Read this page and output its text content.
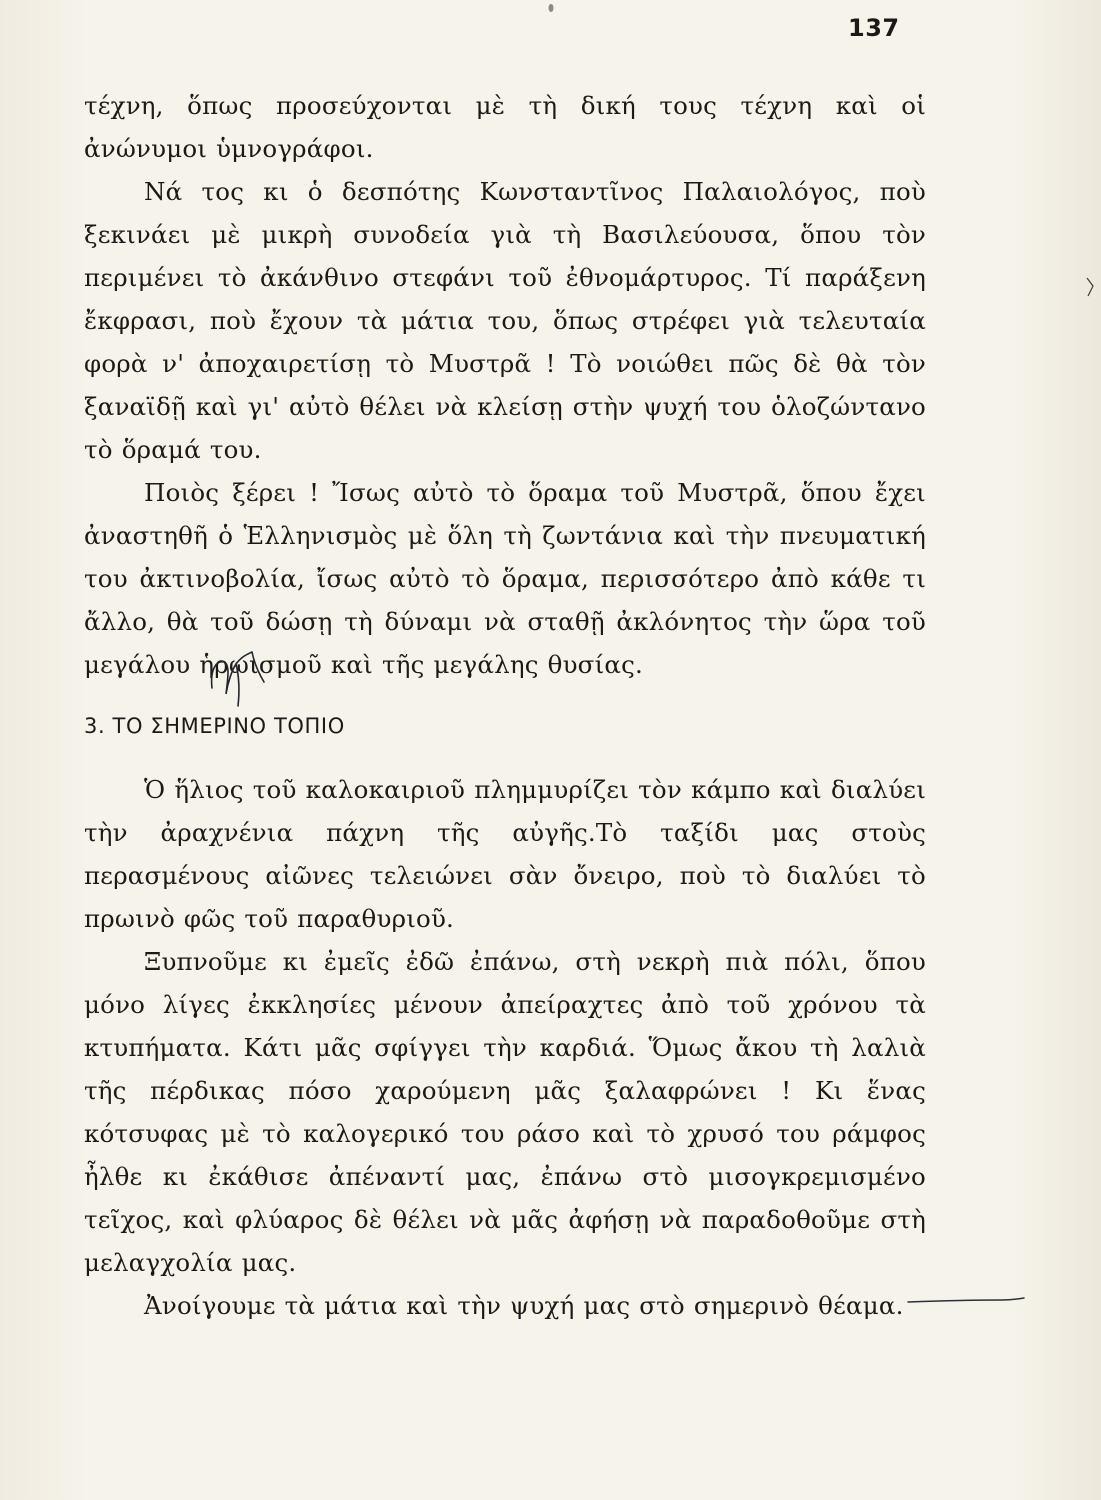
137

τέχνη, ὅπως προσεύχονται μὲ τὴ δική τους τέχνη καὶ οἱ ἀνώνυμοι ὑμνογράφοι.

Νά τος κι ὁ δεσπότης Κωνσταντῖνος Παλαιολόγος, ποὺ ξεκινάει μὲ μικρὴ συνοδεία γιὰ τὴ Βασιλεύουσα, ὅπου τὸν περιμένει τὸ ἀκάνθινο στεφάνι τοῦ ἐθνομάρτυρος. Τί παράξενη ἔκφρασι, ποὺ ἔχουν τὰ μάτια του, ὅπως στρέφει γιὰ τελευταία φορὰ ν' ἀποχαιρετίσῃ τὸ Μυστρᾶ ! Τὸ νοιώθει πῶς δὲ θὰ τὸν ξαναϊδῇ καὶ γι' αὐτὸ θέλει νὰ κλείσῃ στὴν ψυχή του ὁλοζώντανο τὸ ὅραμά του.

Ποιὸς ξέρει ! Ἴσως αὐτὸ τὸ ὅραμα τοῦ Μυστρᾶ, ὅπου ἔχει ἀναστηθῆ ὁ Ἑλληνισμὸς μὲ ὅλη τὴ ζωντάνια καὶ τὴν πνευματική του ἀκτινοβολία, ἴσως αὐτὸ τὸ ὅραμα, περισσότερο ἀπὸ κάθε τι ἄλλο, θὰ τοῦ δώσῃ τὴ δύναμι νὰ σταθῇ ἀκλόνητος τὴν ὥρα τοῦ μεγάλου ἡρωισμοῦ καὶ τῆς μεγάλης θυσίας.

3. ΤΟ ΣΗΜΕΡΙΝΟ ΤΟΠΙΟ

Ὁ ἥλιος τοῦ καλοκαιριοῦ πλημμυρίζει τὸν κάμπο καὶ διαλύει τὴν ἀραχνένια πάχνη τῆς αὐγῆς.Τὸ ταξίδι μας στοὺς περασμένους αἰῶνες τελειώνει σὰν ὄνειρο, ποὺ τὸ διαλύει τὸ πρωινὸ φῶς τοῦ παραθυριοῦ.

Ξυπνοῦμε κι ἐμεῖς ἐδῶ ἐπάνω, στὴ νεκρὴ πιὰ πόλι, ὅπου μόνο λίγες ἐκκλησίες μένουν ἀπείραχτες ἀπὸ τοῦ χρόνου τὰ κτυπήματα. Κάτι μᾶς σφίγγει τὴν καρδιά. Ὅμως ἄκου τὴ λαλιὰ τῆς πέρδικας πόσο χαρούμενη μᾶς ξαλαφρώνει ! Κι ἕνας κότσυφας μὲ τὸ καλογερικό του ράσο καὶ τὸ χρυσό του ράμφος ἦλθε κι ἐκάθισε ἀπέναντί μας, ἐπάνω στὸ μισογκρεμισμένο τεῖχος, καὶ φλύαρος δὲ θέλει νὰ μᾶς ἀφήσῃ νὰ παραδοθοῦμε στὴ μελαγχολία μας.

Ἀνοίγουμε τὰ μάτια καὶ τὴν ψυχή μας στὸ σημερινὸ θέαμα.
